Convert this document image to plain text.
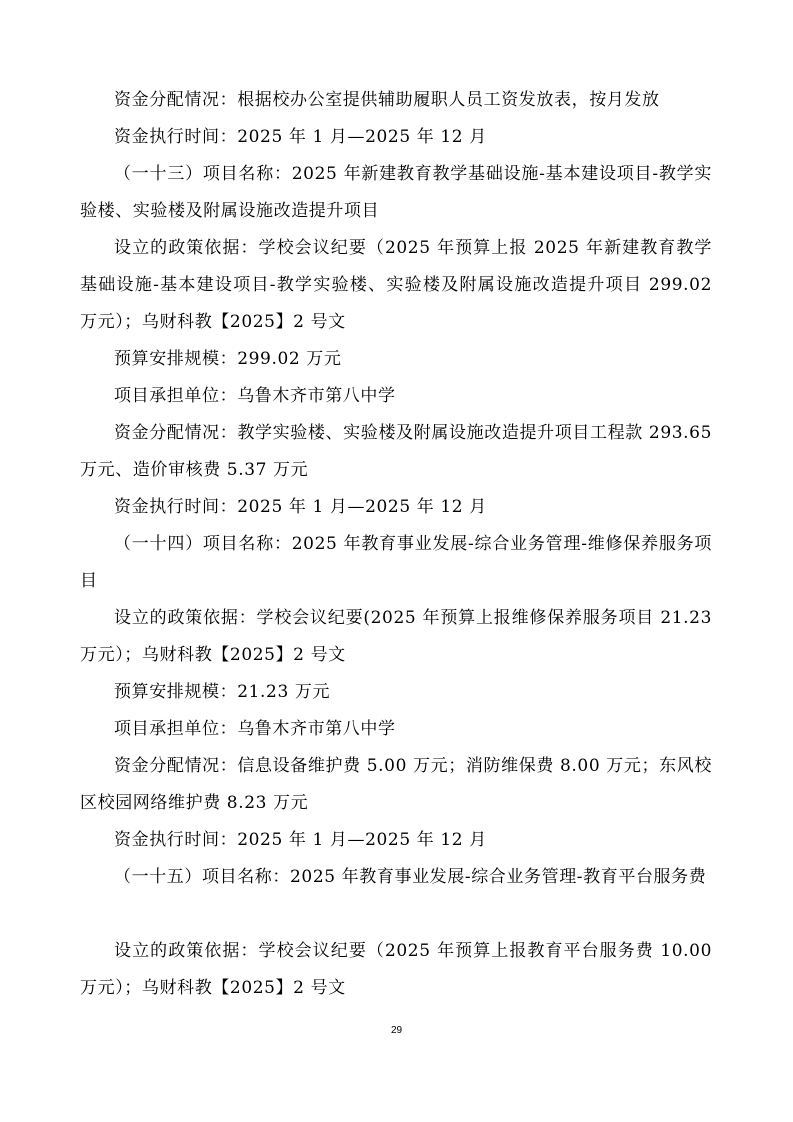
资金分配情况：根据校办公室提供辅助履职人员工资发放表，按月发放

资金执行时间：2025 年 1 月—2025 年 12 月

（一十三）项目名称：2025 年新建教育教学基础设施-基本建设项目-教学实验楼、实验楼及附属设施改造提升项目

设立的政策依据：学校会议纪要（2025 年预算上报 2025 年新建教育教学基础设施-基本建设项目-教学实验楼、实验楼及附属设施改造提升项目 299.02 万元）；乌财科教【2025】2 号文

预算安排规模：299.02 万元

项目承担单位：乌鲁木齐市第八中学

资金分配情况：教学实验楼、实验楼及附属设施改造提升项目工程款 293.65 万元、造价审核费 5.37 万元

资金执行时间：2025 年 1 月—2025 年 12 月

（一十四）项目名称：2025 年教育事业发展-综合业务管理-维修保养服务项目

设立的政策依据：学校会议纪要(2025 年预算上报维修保养服务项目 21.23 万元）；乌财科教【2025】2 号文

预算安排规模：21.23 万元

项目承担单位：乌鲁木齐市第八中学

资金分配情况：信息设备维护费 5.00 万元；消防维保费 8.00 万元；东风校区校园网络维护费 8.23 万元

资金执行时间：2025 年 1 月—2025 年 12 月

（一十五）项目名称：2025 年教育事业发展-综合业务管理-教育平台服务费

设立的政策依据：学校会议纪要（2025 年预算上报教育平台服务费 10.00 万元）；乌财科教【2025】2 号文

29
